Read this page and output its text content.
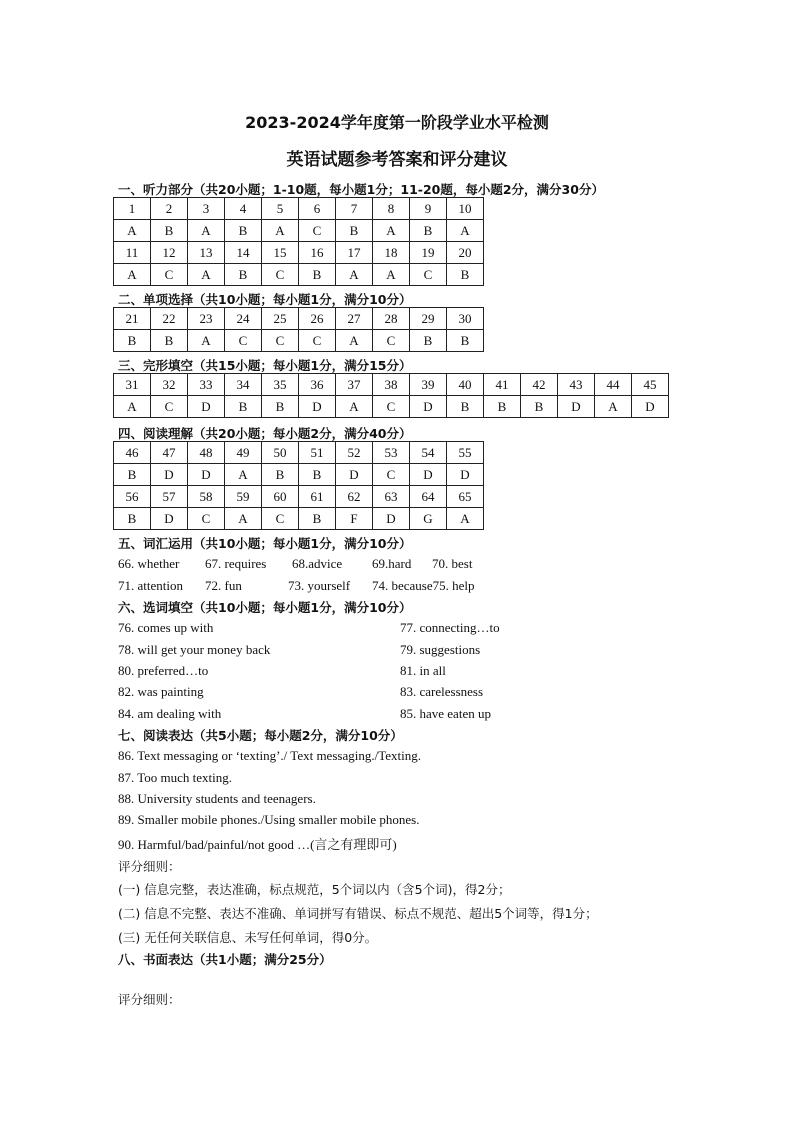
2023-2024学年度第一阶段学业水平检测
英语试题参考答案和评分建议
一、听力部分（共20小题；1-10题，每小题1分；11-20题，每小题2分，满分30分）
1	2	3	4	5	6	7	8	9	10
A	B	A	B	A	C	B	A	B	A
11	12	13	14	15	16	17	18	19	20
A	C	A	B	C	B	A	A	C	B
二、单项选择（共10小题；每小题1分，满分10分）
21	22	23	24	25	26	27	28	29	30
B	B	A	C	C	C	A	C	B	B
三、完形填空（共15小题；每小题1分，满分15分）
31	32	33	34	35	36	37	38	39	40	41	42	43	44	45
A	C	D	B	B	D	A	C	D	B	B	B	D	A	D
四、阅读理解（共20小题；每小题2分，满分40分）
46	47	48	49	50	51	52	53	54	55
B	D	D	A	B	B	D	C	D	D
56	57	58	59	60	61	62	63	64	65
B	D	C	A	C	B	F	D	G	A
五、词汇运用（共10小题；每小题1分，满分10分）
66. whether 67. requires 68.advice 69.hard 70. best
71. attention 72. fun	73. yourself 74. because75. help
六、选词填空（共10小题；每小题1分，满分10分）
76. comes up with	77. connecting…to
78. will get your money back	79. suggestions
80. preferred…to	81. in all
82. was painting	83. carelessness
84. am dealing with	85. have eaten up
七、阅读表达（共5小题；每小题2分，满分10分）
86. Text messaging or ‘texting’./ Text messaging./Texting.
87. Too much texting.
88. University students and teenagers.
89. Smaller mobile phones./Using smaller mobile phones.
90. Harmful/bad/painful/not good …(言之有理即可)
评分细则：
(一) 信息完整，表达准确，标点规范，5个词以内（含5个词)，得2分；
(二) 信息不完整、表达不准确、单词拼写有错误、标点不规范、超出5个词等，得1分；
(三) 无任何关联信息、未写任何单词，得0分。
八、书面表达（共1小题；满分25分）
评分细则：
